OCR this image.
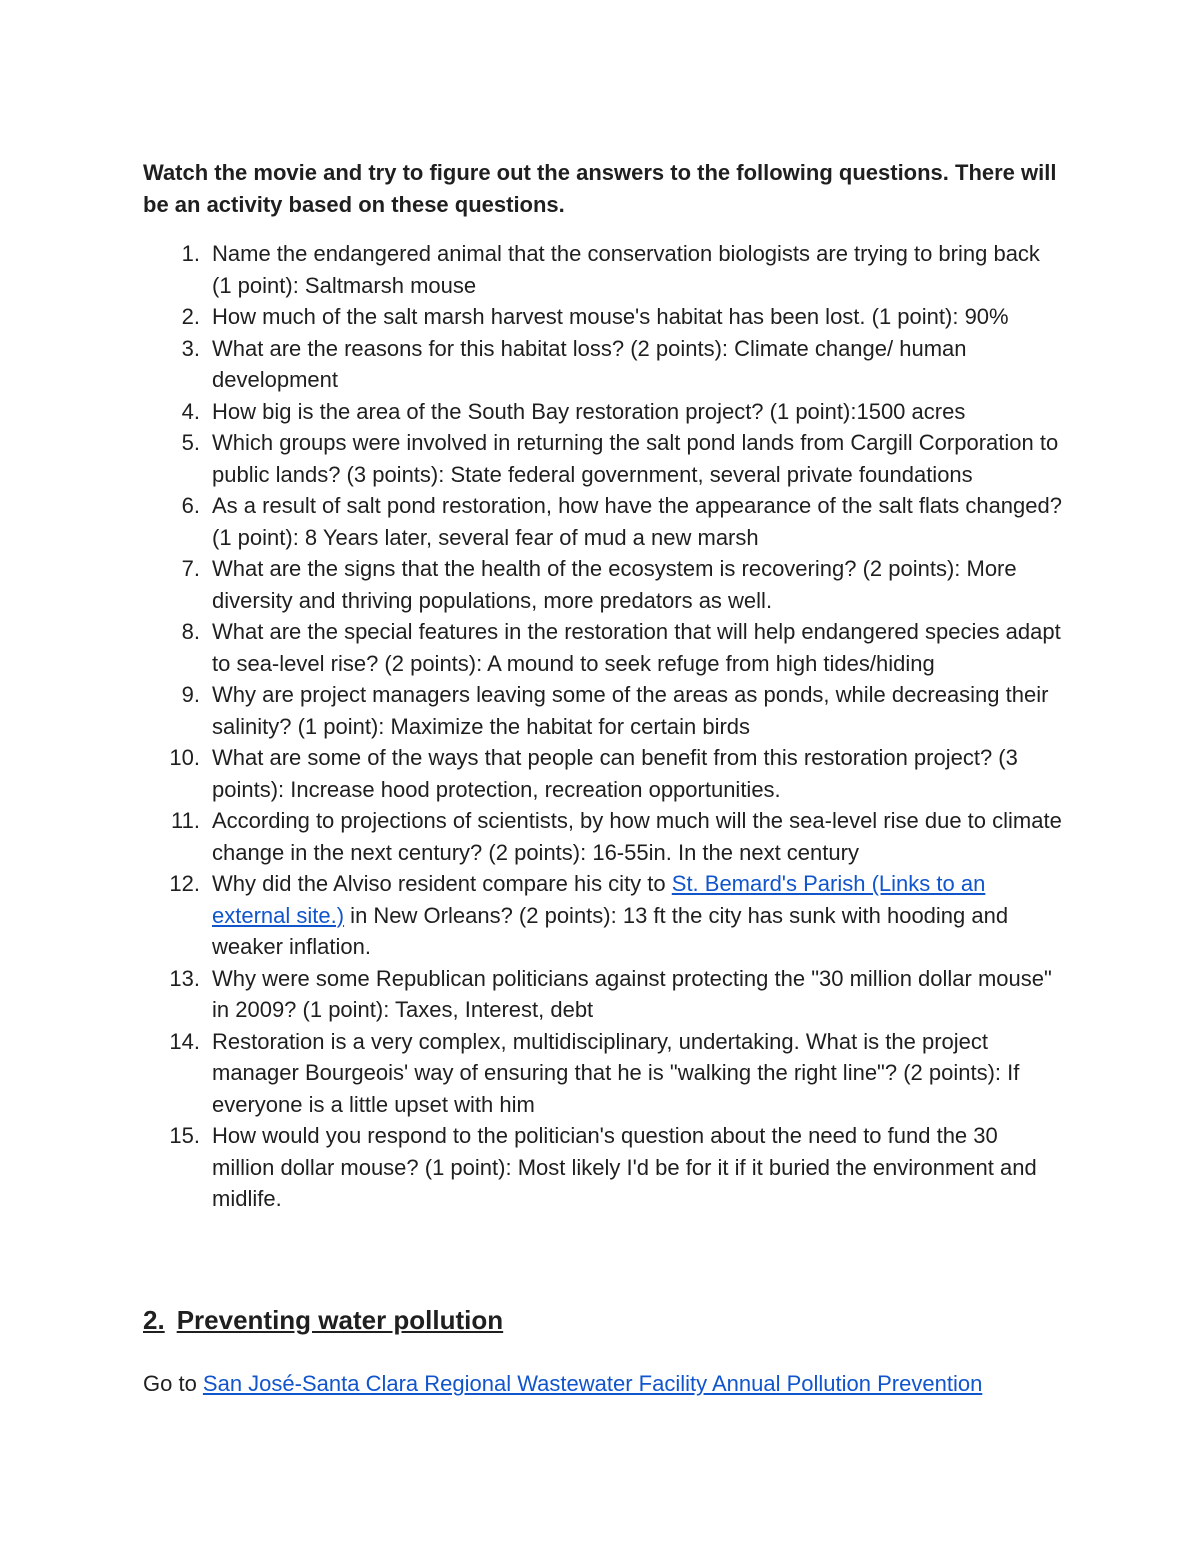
Watch the movie and try to figure out the answers to the following questions. There will be an activity based on these questions.

1. Name the endangered animal that the conservation biologists are trying to bring back (1 point): Saltmarsh mouse
2. How much of the salt marsh harvest mouse's habitat has been lost. (1 point): 90%
3. What are the reasons for this habitat loss? (2 points): Climate change/ human development
4. How big is the area of the South Bay restoration project? (1 point):1500 acres
5. Which groups were involved in returning the salt pond lands from Cargill Corporation to public lands? (3 points): State federal government, several private foundations
6. As a result of salt pond restoration, how have the appearance of the salt flats changed? (1 point): 8 Years later, several fear of mud a new marsh
7. What are the signs that the health of the ecosystem is recovering? (2 points): More diversity and thriving populations, more predators as well.
8. What are the special features in the restoration that will help endangered species adapt to sea-level rise? (2 points): A mound to seek refuge from high tides/hiding
9. Why are project managers leaving some of the areas as ponds, while decreasing their salinity? (1 point): Maximize the habitat for certain birds
10. What are some of the ways that people can benefit from this restoration project? (3 points): Increase hood protection, recreation opportunities.
11. According to projections of scientists, by how much will the sea-level rise due to climate change in the next century? (2 points): 16-55in. In the next century
12. Why did the Alviso resident compare his city to St. Bemard's Parish (Links to an external site.) in New Orleans? (2 points): 13 ft the city has sunk with hooding and weaker inflation.
13. Why were some Republican politicians against protecting the "30 million dollar mouse" in 2009? (1 point): Taxes, Interest, debt
14. Restoration is a very complex, multidisciplinary, undertaking. What is the project manager Bourgeois' way of ensuring that he is "walking the right line"? (2 points): If everyone is a little upset with him
15. How would you respond to the politician's question about the need to fund the 30 million dollar mouse? (1 point): Most likely I'd be for it if it buried the environment and midlife.
2. Preventing water pollution

Go to San José-Santa Clara Regional Wastewater Facility Annual Pollution Prevention
